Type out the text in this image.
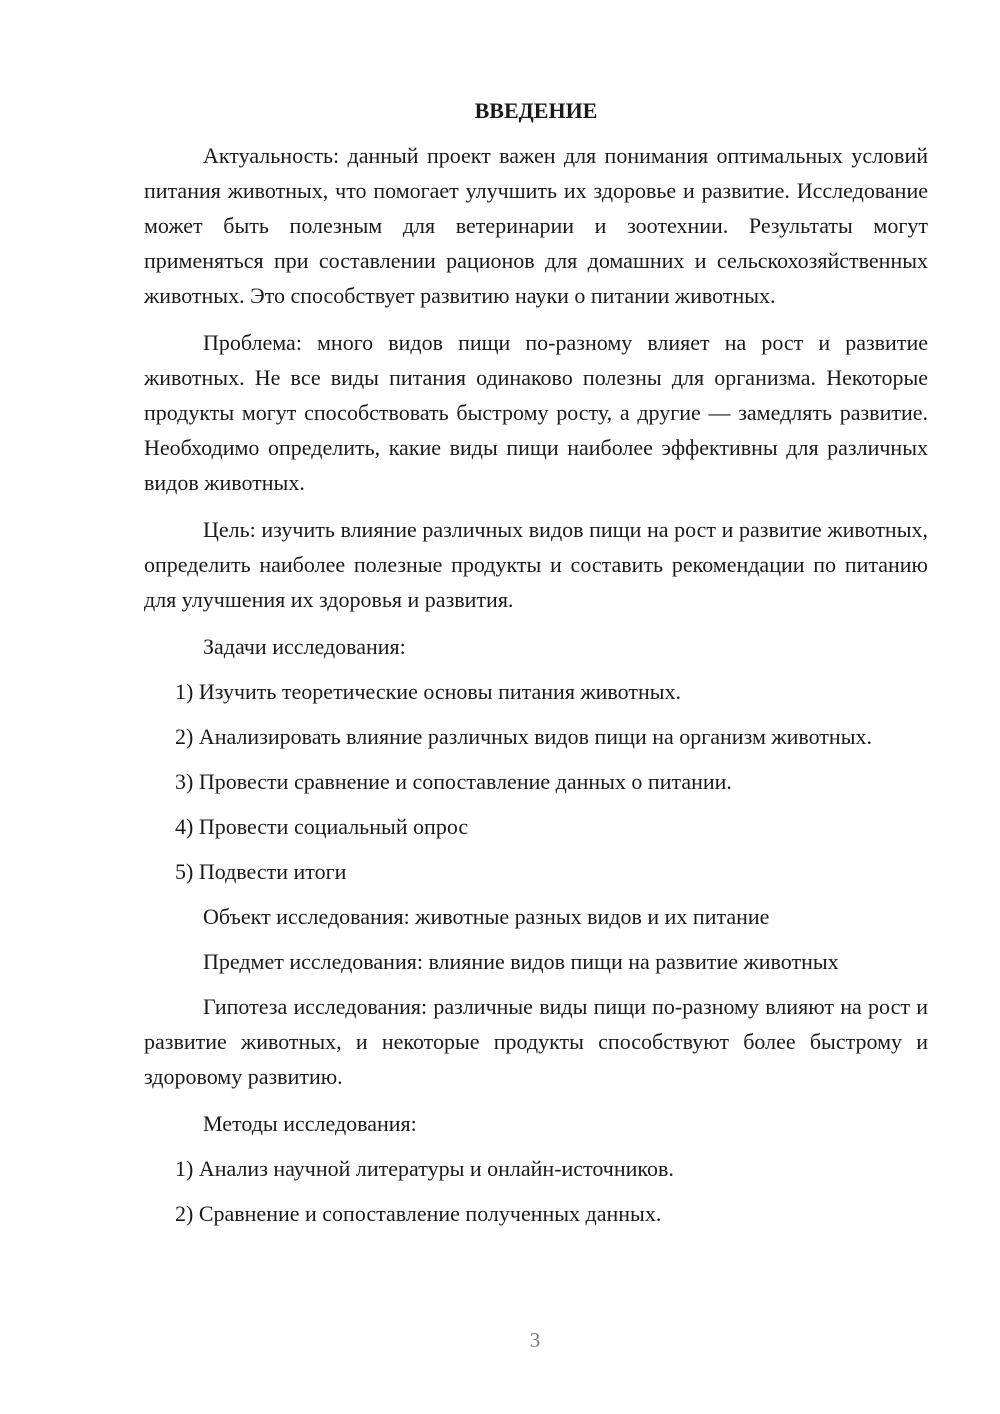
ВВЕДЕНИЕ

Актуальность: данный проект важен для понимания оптимальных условий питания животных, что помогает улучшить их здоровье и развитие. Исследование может быть полезным для ветеринарии и зоотехнии. Результаты могут применяться при составлении рационов для домашних и сельскохозяйственных животных. Это способствует развитию науки о питании животных.

Проблема: много видов пищи по-разному влияет на рост и развитие животных. Не все виды питания одинаково полезны для организма. Некоторые продукты могут способствовать быстрому росту, а другие — замедлять развитие. Необходимо определить, какие виды пищи наиболее эффективны для различных видов животных.

Цель: изучить влияние различных видов пищи на рост и развитие животных, определить наиболее полезные продукты и составить рекомендации по питанию для улучшения их здоровья и развития.

Задачи исследования:

1) Изучить теоретические основы питания животных.

2) Анализировать влияние различных видов пищи на организм животных.

3) Провести сравнение и сопоставление данных о питании.

4) Провести социальный опрос

5) Подвести итоги

Объект исследования: животные разных видов и их питание

Предмет исследования: влияние видов пищи на развитие животных

Гипотеза исследования: различные виды пищи по-разному влияют на рост и развитие животных, и некоторые продукты способствуют более быстрому и здоровому развитию.

Методы исследования:

1) Анализ научной литературы и онлайн-источников.

2) Сравнение и сопоставление полученных данных.

3
